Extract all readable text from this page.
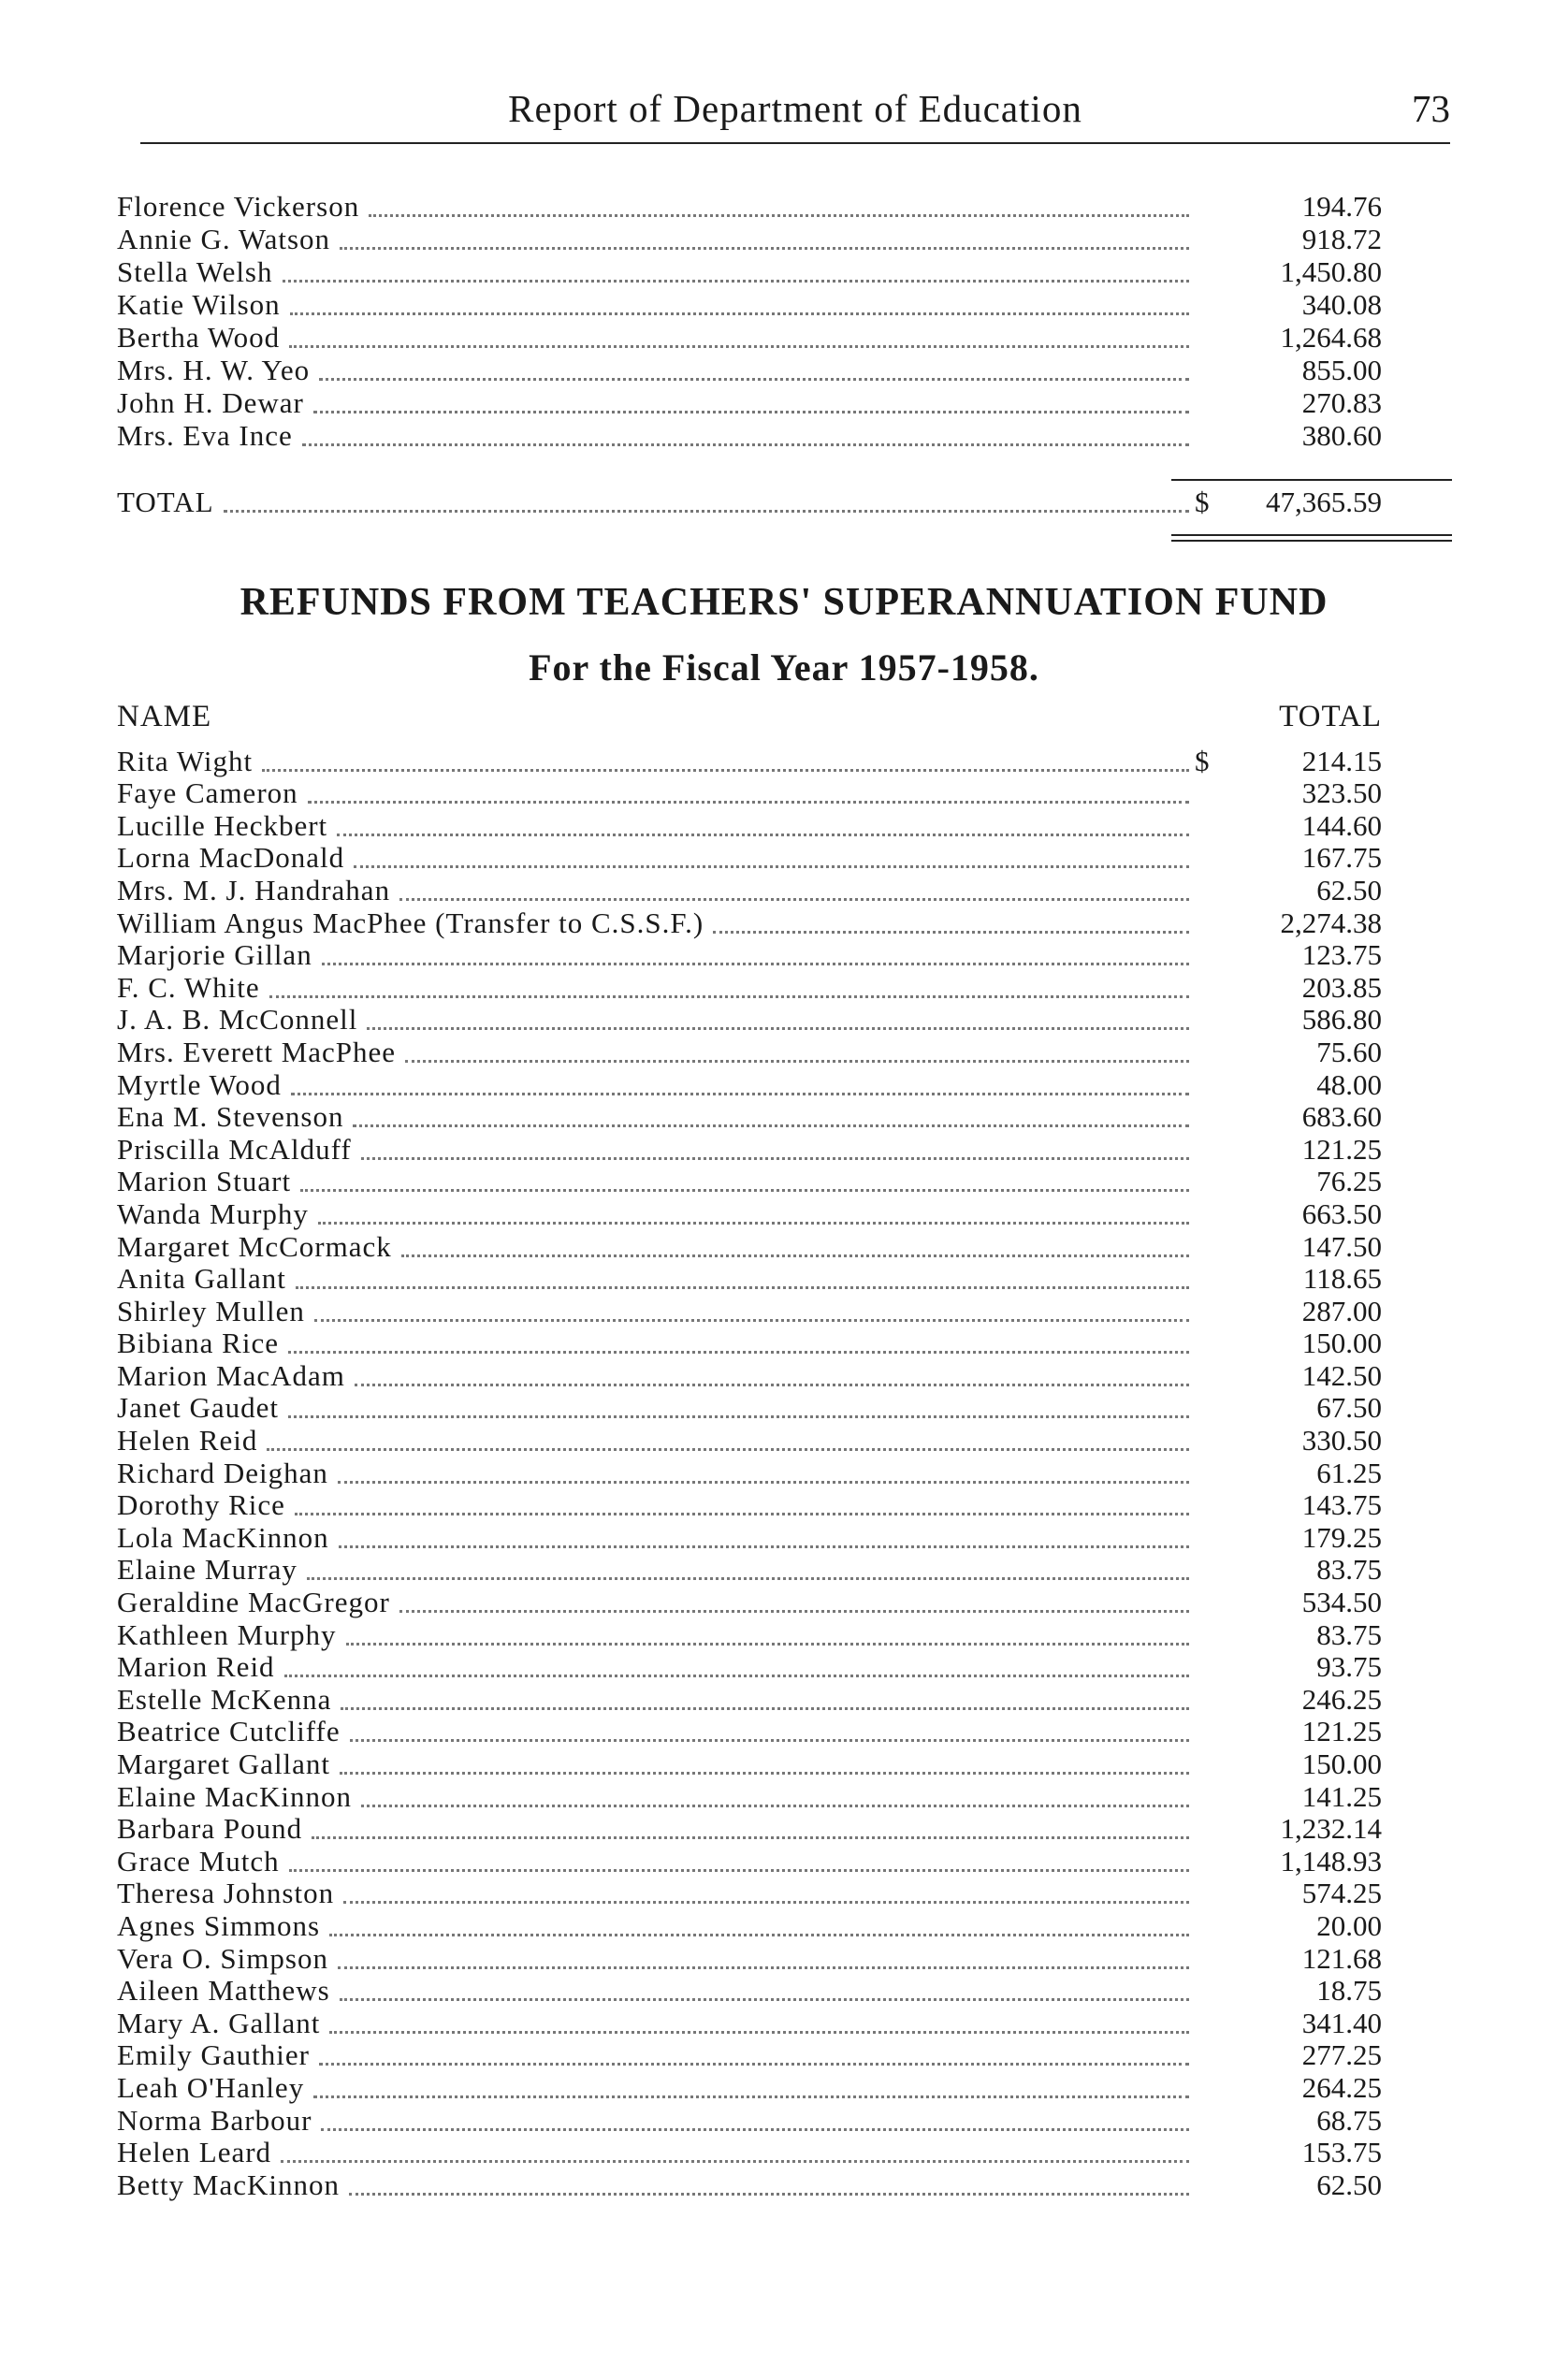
Report of Department of Education	73
Florence Vickerson	194.76
Annie G. Watson	918.72
Stella Welsh	1,450.80
Katie Wilson	340.08
Bertha Wood	1,264.68
Mrs. H. W. Yeo	855.00
John H. Dewar	270.83
Mrs. Eva Ince	380.60
TOTAL	$	47,365.59
REFUNDS FROM TEACHERS' SUPERANNUATION FUND
For the Fiscal Year 1957-1958.
NAME	TOTAL
Rita Wight	$	214.15
Faye Cameron	323.50
Lucille Heckbert	144.60
Lorna MacDonald	167.75
Mrs. M. J. Handrahan	62.50
William Angus MacPhee (Transfer to C.S.S.F.)	2,274.38
Marjorie Gillan	123.75
F. C. White	203.85
J. A. B. McConnell	586.80
Mrs. Everett MacPhee	75.60
Myrtle Wood	48.00
Ena M. Stevenson	683.60
Priscilla McAlduff	121.25
Marion Stuart	76.25
Wanda Murphy	663.50
Margaret McCormack	147.50
Anita Gallant	118.65
Shirley Mullen	287.00
Bibiana Rice	150.00
Marion MacAdam	142.50
Janet Gaudet	67.50
Helen Reid	330.50
Richard Deighan	61.25
Dorothy Rice	143.75
Lola MacKinnon	179.25
Elaine Murray	83.75
Geraldine MacGregor	534.50
Kathleen Murphy	83.75
Marion Reid	93.75
Estelle McKenna	246.25
Beatrice Cutcliffe	121.25
Margaret Gallant	150.00
Elaine MacKinnon	141.25
Barbara Pound	1,232.14
Grace Mutch	1,148.93
Theresa Johnston	574.25
Agnes Simmons	20.00
Vera O. Simpson	121.68
Aileen Matthews	18.75
Mary A. Gallant	341.40
Emily Gauthier	277.25
Leah O'Hanley	264.25
Norma Barbour	68.75
Helen Leard	153.75
Betty MacKinnon	62.50
